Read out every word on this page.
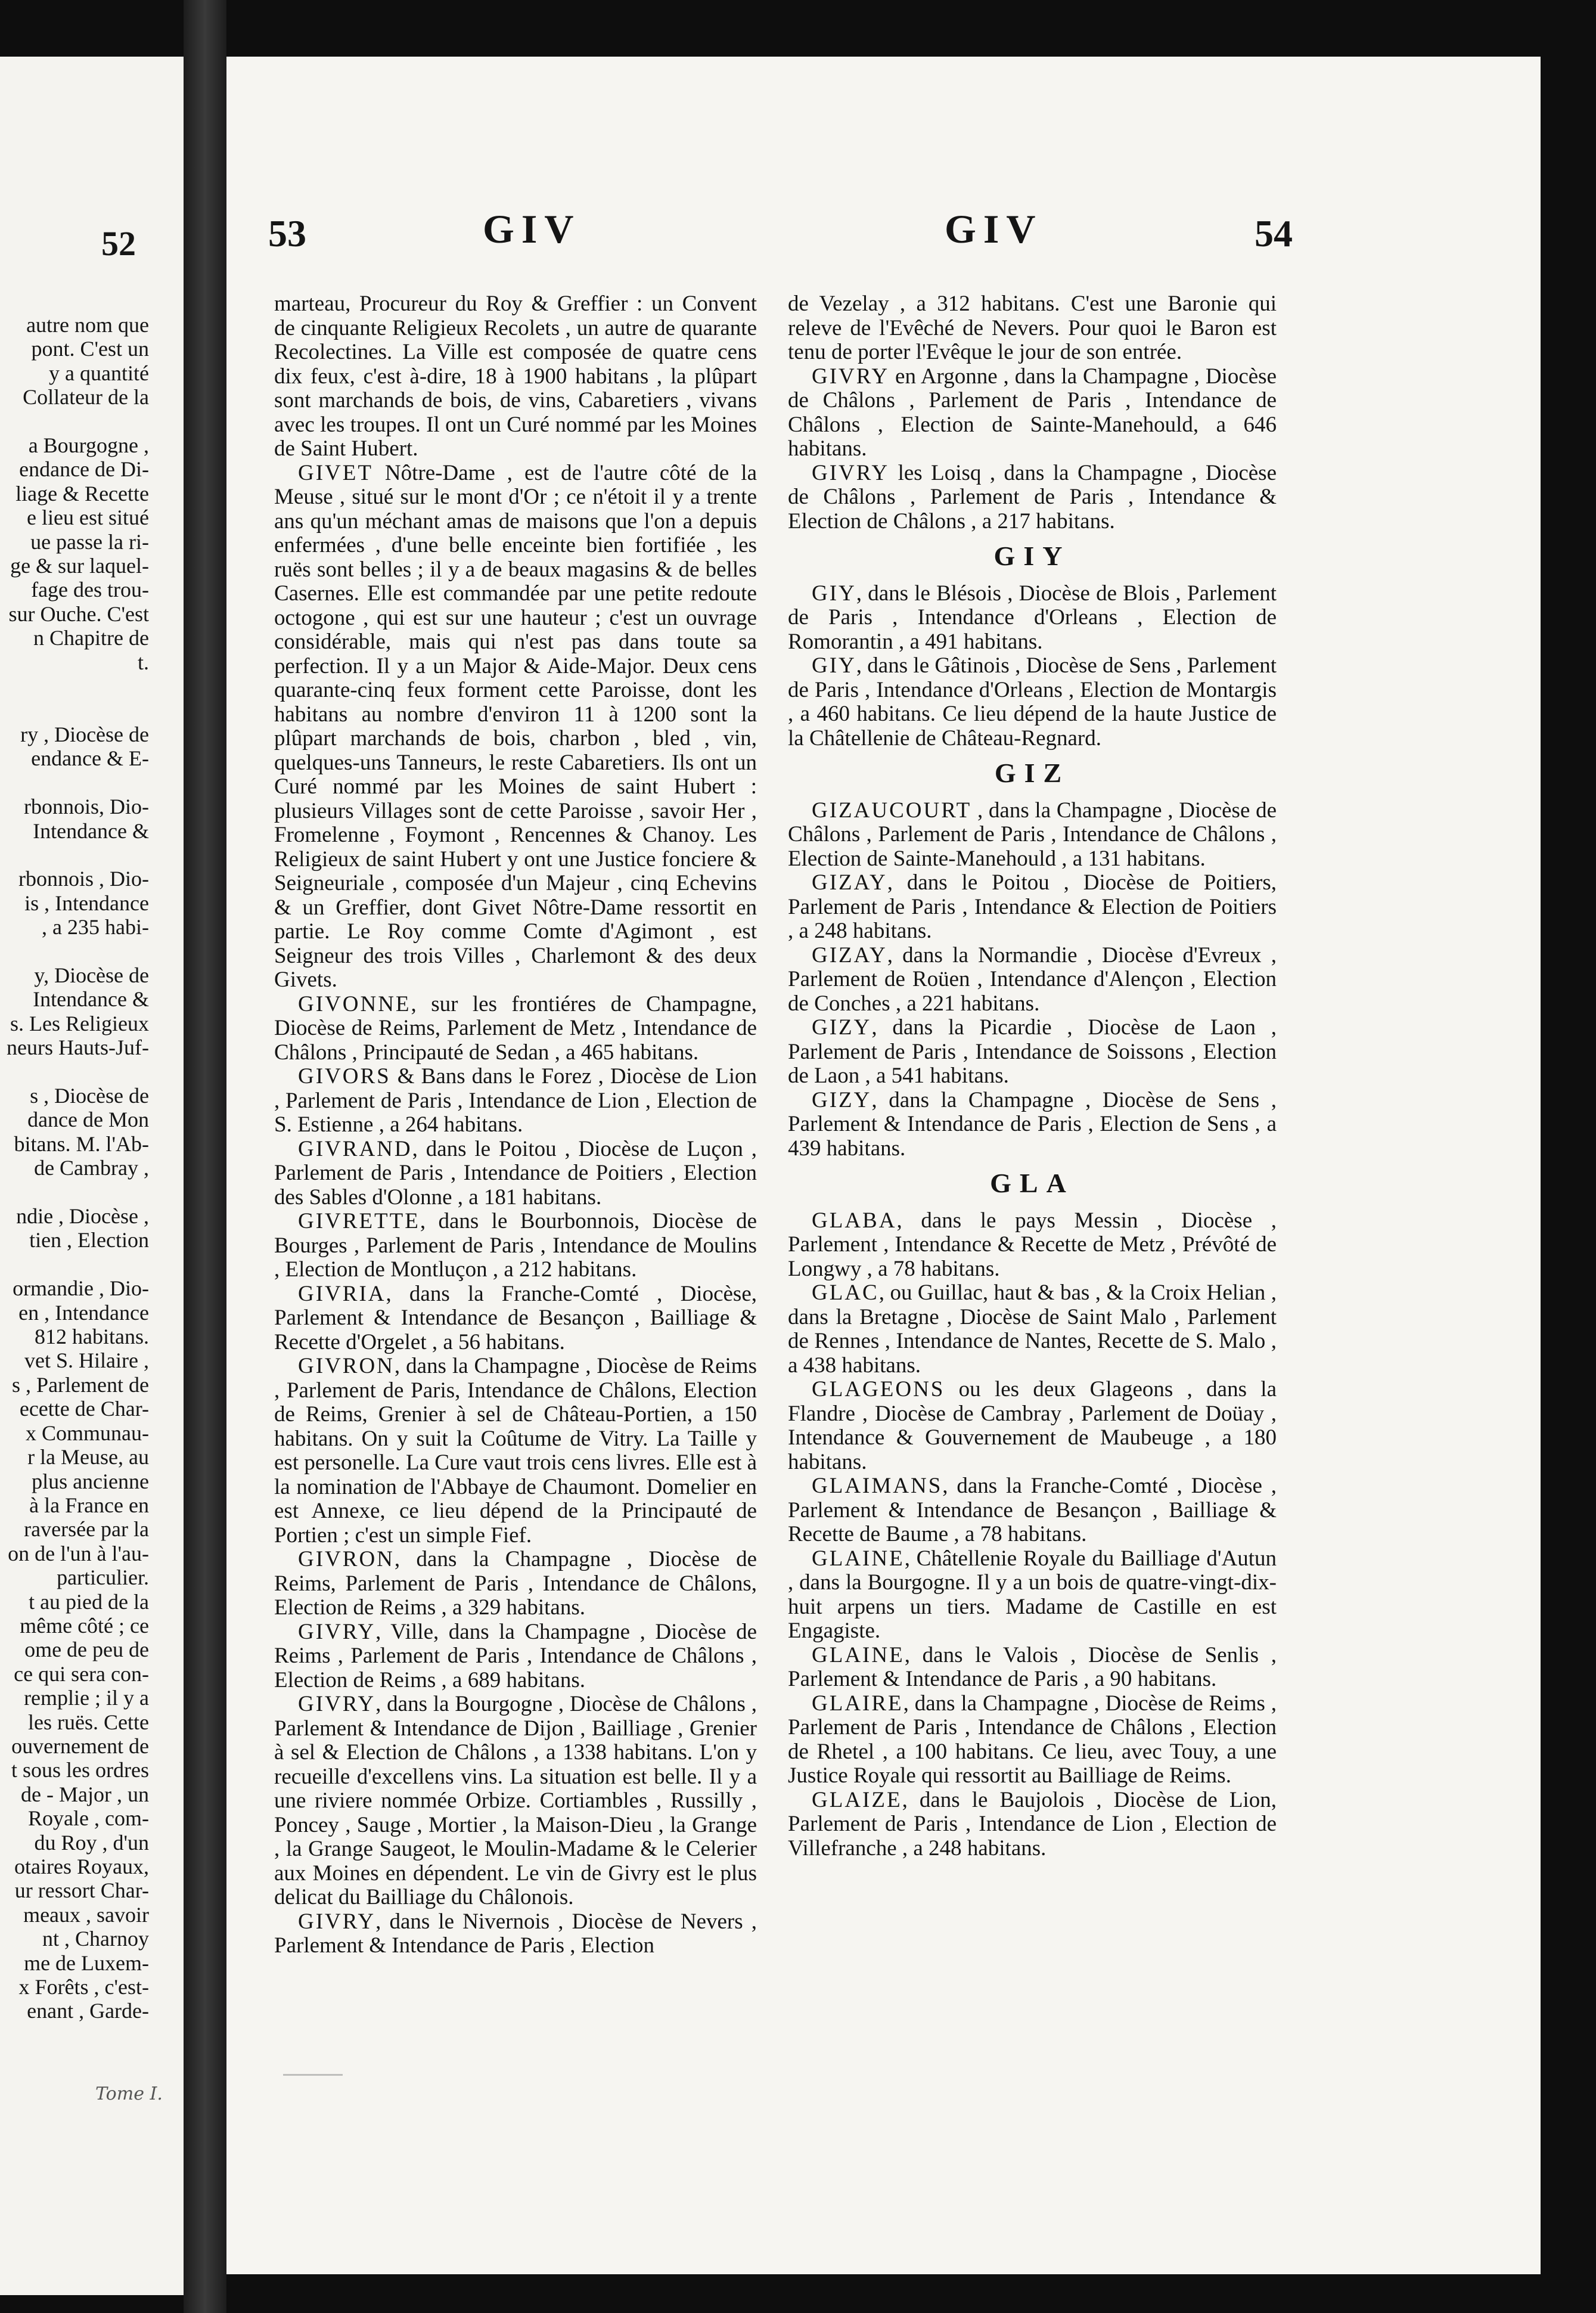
52
autre nom que
pont. C'est un
y a quantité
Collateur de la

a Bourgogne ,
endance de Di-
liage & Recette
e lieu est situé
ue passe la ri-
ge & sur laquel-
fage des trou-
sur Ouche. C'est
n Chapitre de
t.

ry , Diocèse de
endance & E-

rbonnois, Dio-
Intendance &

rbonnois , Dio-
is , Intendance
, a 235 habi-

y, Diocèse de
Intendance &
s. Les Religieux
neurs Hauts-Juf-

s , Diocèse de
dance de Mon
bitans. M. l'Ab-
de Cambray ,

ndie , Diocèse ,
tien , Election

ormandie , Dio-
en , Intendance
812 habitans.
vet S. Hilaire ,
s , Parlement de
ecette de Char-
x Communau-
r la Meuse, au
plus ancienne
à la France en
raversée par la
on de l'un à l'au-
particulier.
t au pied de la
même côté ; ce
ome de peu de
ce qui sera con-
remplie ; il y a
les ruës. Cette
ouvernement de
t sous les ordres
de - Major , un
Royale , com-
du Roy , d'un
otaires Royaux,
ur ressort Char-
meaux , savoir
nt , Charnoy
me de Luxem-
x Forêts , c'est-
enant , Garde-
Tome I.
53	GIV	GIV	54

marteau, Procureur du Roy & Greffier : un Convent de cinquante Religieux Recolets , un autre de quarante Recolectines. La Ville est composée de quatre cens dix feux, c'est à-dire, 18 à 1900 habitans , la plûpart sont marchands de bois, de vins, Cabaretiers , vivans avec les troupes. Il ont un Curé nommé par les Moines de Saint Hubert.

GIVET Nôtre-Dame , est de l'autre côté de la Meuse , situé sur le mont d'Or ; ce n'étoit il y a trente ans qu'un méchant amas de maisons que l'on a depuis enfermées , d'une belle enceinte bien fortifiée , les ruës sont belles ; il y a de beaux magasins & de belles Casernes. Elle est commandée par une petite redoute octogone , qui est sur une hauteur ; c'est un ouvrage considérable, mais qui n'est pas dans toute sa perfection. Il y a un Major & Aide-Major. Deux cens quarante-cinq feux forment cette Paroisse, dont les habitans au nombre d'environ 11 à 1200 sont la plûpart marchands de bois, charbon , bled , vin, quelques-uns Tanneurs, le reste Cabaretiers. Ils ont un Curé nommé par les Moines de saint Hubert : plusieurs Villages sont de cette Paroisse , savoir Her , Fromelenne , Foymont , Rencennes & Chanoy. Les Religieux de saint Hubert y ont une Justice fonciere & Seigneuriale , composée d'un Majeur , cinq Echevins & un Greffier, dont Givet Nôtre-Dame ressortit en partie. Le Roy comme Comte d'Agimont , est Seigneur des trois Villes , Charlemont & des deux Givets.

GIVONNE, sur les frontiéres de Champagne, Diocèse de Reims, Parlement de Metz , Intendance de Châlons , Principauté de Sedan , a 465 habitans.

GIVORS & Bans dans le Forez , Diocèse de Lion , Parlement de Paris , Intendance de Lion , Election de S. Estienne , a 264 habitans.

GIVRAND, dans le Poitou , Diocèse de Luçon , Parlement de Paris , Intendance de Poitiers , Election des Sables d'Olonne , a 181 habitans.

GIVRETTE, dans le Bourbonnois, Diocèse de Bourges , Parlement de Paris , Intendance de Moulins , Election de Montluçon , a 212 habitans.

GIVRIA, dans la Franche-Comté , Diocèse, Parlement & Intendance de Besançon , Bailliage & Recette d'Orgelet , a 56 habitans.

GIVRON, dans la Champagne , Diocèse de Reims , Parlement de Paris, Intendance de Châlons, Election de Reims, Grenier à sel de Château-Portien, a 150 habitans. On y suit la Coûtume de Vitry. La Taille y est personelle. La Cure vaut trois cens livres. Elle est à la nomination de l'Abbaye de Chaumont. Domelier en est Annexe, ce lieu dépend de la Principauté de Portien ; c'est un simple Fief.

GIVRON, dans la Champagne , Diocèse de Reims, Parlement de Paris , Intendance de Châlons, Election de Reims , a 329 habitans.

GIVRY, Ville, dans la Champagne , Diocèse de Reims , Parlement de Paris , Intendance de Châlons , Election de Reims , a 689 habitans.

GIVRY, dans la Bourgogne , Diocèse de Châlons , Parlement & Intendance de Dijon , Bailliage , Grenier à sel & Election de Châlons , a 1338 habitans. L'on y recueille d'excellens vins. La situation est belle. Il y a une riviere nommée Orbize. Cortiambles , Russilly , Poncey , Sauge , Mortier , la Maison-Dieu , la Grange , la Grange Saugeot, le Moulin-Madame & le Celerier aux Moines en dépendent. Le vin de Givry est le plus delicat du Bailliage du Châlonois.

GIVRY, dans le Nivernois , Diocèse de Nevers , Parlement & Intendance de Paris , Election

de Vezelay , a 312 habitans. C'est une Baronie qui releve de l'Evêché de Nevers. Pour quoi le Baron est tenu de porter l'Evêque le jour de son entrée.

GIVRY en Argonne , dans la Champagne , Diocèse de Châlons , Parlement de Paris , Intendance de Châlons , Election de Sainte-Manehould, a 646 habitans.

GIVRY les Loisq , dans la Champagne , Diocèse de Châlons , Parlement de Paris , Intendance & Election de Châlons , a 217 habitans.

GIY

GIY, dans le Blésois , Diocèse de Blois , Parlement de Paris , Intendance d'Orleans , Election de Romorantin , a 491 habitans.

GIY, dans le Gâtinois , Diocèse de Sens , Parlement de Paris , Intendance d'Orleans , Election de Montargis , a 460 habitans. Ce lieu dépend de la haute Justice de la Châtellenie de Château-Regnard.

GIZ

GIZAUCOURT , dans la Champagne , Diocèse de Châlons , Parlement de Paris , Intendance de Châlons , Election de Sainte-Manehould , a 131 habitans.

GIZAY, dans le Poitou , Diocèse de Poitiers, Parlement de Paris , Intendance & Election de Poitiers , a 248 habitans.

GIZAY, dans la Normandie , Diocèse d'Evreux , Parlement de Roüen , Intendance d'Alençon , Election de Conches , a 221 habitans.

GIZY, dans la Picardie , Diocèse de Laon , Parlement de Paris , Intendance de Soissons , Election de Laon , a 541 habitans.

GIZY, dans la Champagne , Diocèse de Sens , Parlement & Intendance de Paris , Election de Sens , a 439 habitans.

GLA

GLABA, dans le pays Messin , Diocèse , Parlement , Intendance & Recette de Metz , Prévôté de Longwy , a 78 habitans.

GLAC, ou Guillac, haut & bas , & la Croix Helian , dans la Bretagne , Diocèse de Saint Malo , Parlement de Rennes , Intendance de Nantes, Recette de S. Malo , a 438 habitans.

GLAGEONS ou les deux Glageons , dans la Flandre , Diocèse de Cambray , Parlement de Doüay , Intendance & Gouvernement de Maubeuge , a 180 habitans.

GLAIMANS, dans la Franche-Comté , Diocèse , Parlement & Intendance de Besançon , Bailliage & Recette de Baume , a 78 habitans.

GLAINE, Châtellenie Royale du Bailliage d'Autun , dans la Bourgogne. Il y a un bois de quatre-vingt-dix-huit arpens un tiers. Madame de Castille en est Engagiste.

GLAINE, dans le Valois , Diocèse de Senlis , Parlement & Intendance de Paris , a 90 habitans.

GLAIRE, dans la Champagne , Diocèse de Reims , Parlement de Paris , Intendance de Châlons , Election de Rhetel , a 100 habitans. Ce lieu, avec Touy, a une Justice Royale qui ressortit au Bailliage de Reims.

GLAIZE, dans le Baujolois , Diocèse de Lion, Parlement de Paris , Intendance de Lion , Election de Villefranche , a 248 habitans.
